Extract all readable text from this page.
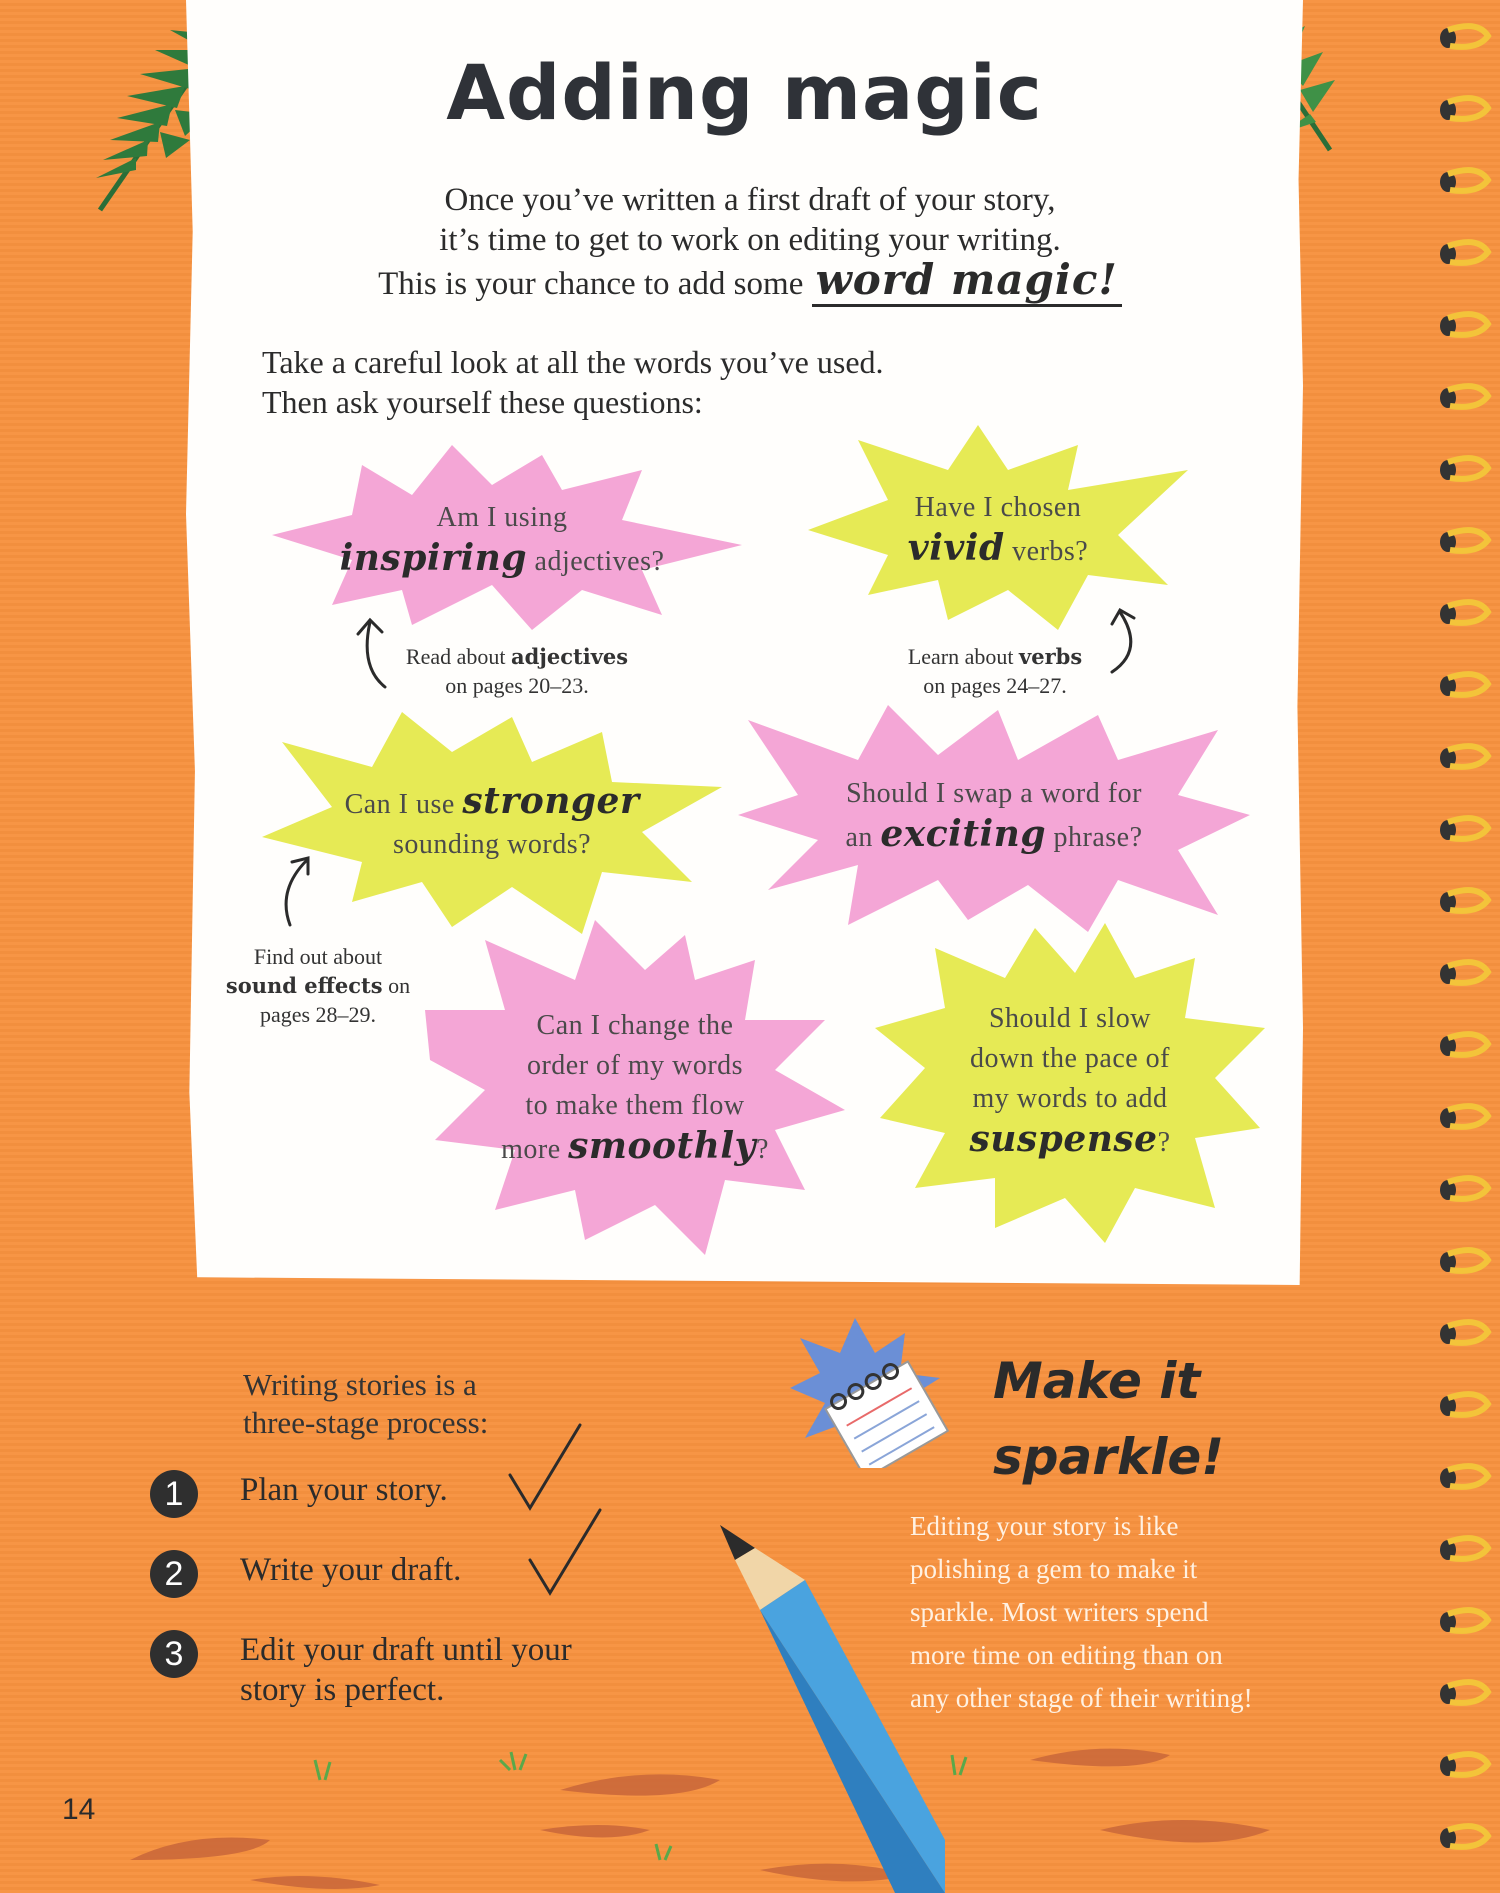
Adding magic
Once you’ve written a first draft of your story,
it’s time to get to work on editing your writing.
This is your chance to add some word magic!
Take a careful look at all the words you’ve used.
Then ask yourself these questions:
Am I using
inspiring adjectives?
Have I chosen
vivid verbs?
Read about adjectives
on pages 20–23.
Learn about verbs
on pages 24–27.
Can I use stronger
sounding words?
Should I swap a word for
an exciting phrase?
Find out about
sound effects on
pages 28–29.	Can I change the
order of my words
to make them flow
more smoothly?
Should I slow
down the pace of
my words to add
suspense?
Writing stories is a
three-stage process:
1	Plan your story.
2	Write your draft.
3	Edit your draft until your
story is perfect.
Make it
sparkle!
Editing your story is like
polishing a gem to make it
sparkle. Most writers spend
more time on editing than on
any other stage of their writing!
14
